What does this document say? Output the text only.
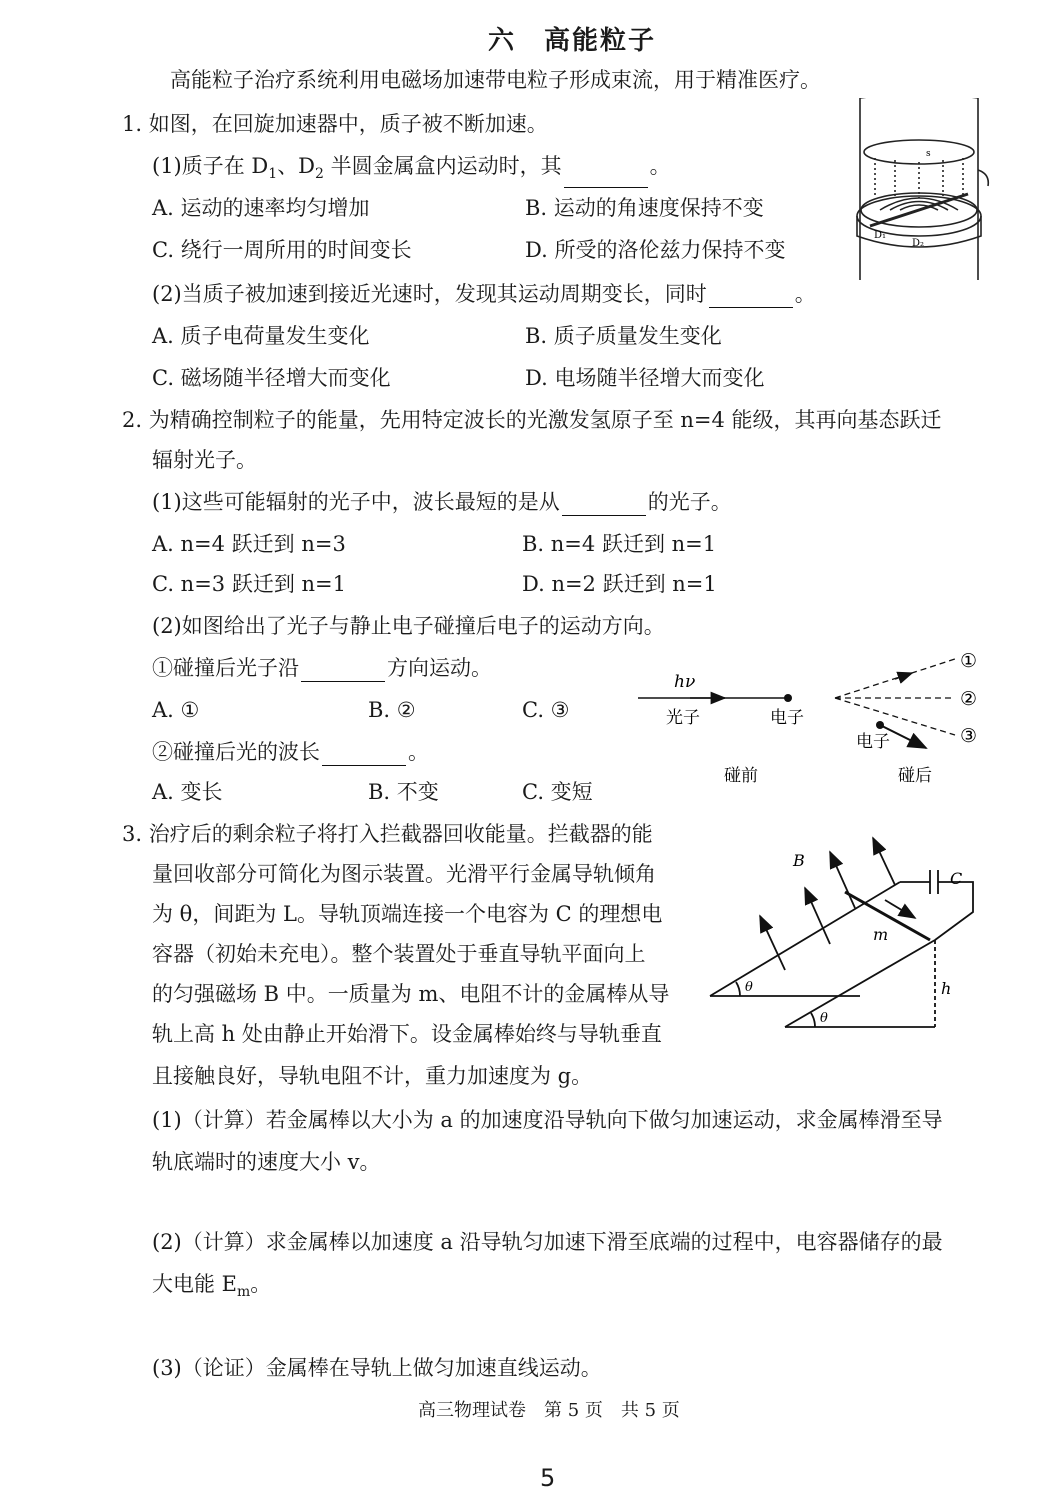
六　高能粒子
高能粒子治疗系统利用电磁场加速带电粒子形成束流，用于精准医疗。
1. 如图，在回旋加速器中，质子被不断加速。
(1)质子在 $D_1$、$D_2$ 半圆金属盒内运动时，其	。
A. 运动的速率均匀增加	B. 运动的角速度保持不变
C. 绕行一周所用的时间变长	D. 所受的洛伦兹力保持不变
(2)当质子被加速到接近光速时，发现其运动周期变长，同时	。
A. 质子电荷量发生变化	B. 质子质量发生变化
C. 磁场随半径增大而变化	D. 电场随半径增大而变化
D₁
D₂
s
2. 为精确控制粒子的能量，先用特定波长的光激发氢原子至 n=4 能级，其再向基态跃迁
辐射光子。
(1)这些可能辐射的光子中，波长最短的是从	的光子。
A. n=4 跃迁到 n=3	B. n=4 跃迁到 n=1
C. n=3 跃迁到 n=1	D. n=2 跃迁到 n=1
(2)如图给出了光子与静止电子碰撞后电子的运动方向。
①碰撞后光子沿	方向运动。
A. ①	B. ②	C. ③
②碰撞后光的波长	。
A. 变长	B. 不变	C. 变短
hν
光子	电子
①
②
③
电子
碰前	碰后
3. 治疗后的剩余粒子将打入拦截器回收能量。拦截器的能
量回收部分可简化为图示装置。光滑平行金属导轨倾角
为 θ，间距为 L。导轨顶端连接一个电容为 C 的理想电
容器（初始未充电）。整个装置处于垂直导轨平面向上
的匀强磁场 B 中。一质量为 m、电阻不计的金属棒从导
轨上高 h 处由静止开始滑下。设金属棒始终与导轨垂直
且接触良好，导轨电阻不计，重力加速度为 g。
B
C
m
h
θ
θ
(1)（计算）若金属棒以大小为 a 的加速度沿导轨向下做匀加速运动，求金属棒滑至导
轨底端时的速度大小 v。
(2)（计算）求金属棒以加速度 a 沿导轨匀加速下滑至底端的过程中，电容器储存的最
大电能 $E_m$。
(3)（论证）金属棒在导轨上做匀加速直线运动。
高三物理试卷　第 5 页　共 5 页
5
